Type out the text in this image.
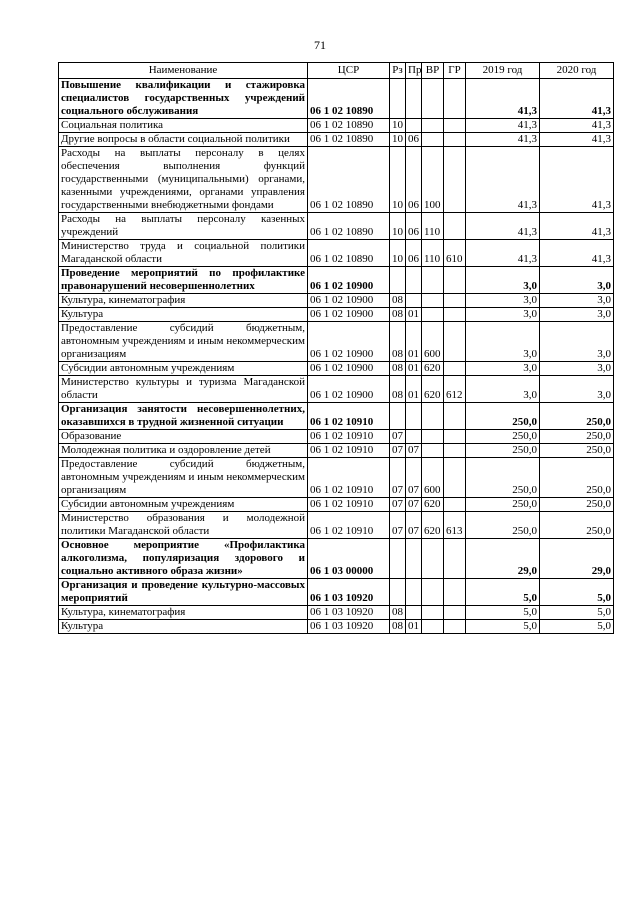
71
Наименование	ЦСР	Рз	Пр	ВР	ГР	2019 год	2020 год
Повышение квалификации и стажировка специалистов государственных учреждений социального обслуживания	06 1 02 10890					41,3	41,3
Социальная политика	06 1 02 10890	10				41,3	41,3
Другие вопросы в области социальной политики	06 1 02 10890	10	06			41,3	41,3
Расходы на выплаты персоналу в целях обеспечения выполнения функций государственными (муниципальными) органами, казенными учреждениями, органами управления государственными внебюджетными фондами	06 1 02 10890	10	06	100		41,3	41,3
Расходы на выплаты персоналу казенных учреждений	06 1 02 10890	10	06	110		41,3	41,3
Министерство труда и социальной политики Магаданской области	06 1 02 10890	10	06	110	610	41,3	41,3
Проведение мероприятий по профилактике правонарушений несовершеннолетних	06 1 02 10900					3,0	3,0
Культура, кинематография	06 1 02 10900	08				3,0	3,0
Культура	06 1 02 10900	08	01			3,0	3,0
Предоставление субсидий бюджетным, автономным учреждениям и иным некоммерческим организациям	06 1 02 10900	08	01	600		3,0	3,0
Субсидии автономным учреждениям	06 1 02 10900	08	01	620		3,0	3,0
Министерство культуры и туризма Магаданской области	06 1 02 10900	08	01	620	612	3,0	3,0
Организация занятости несовершеннолетних, оказавшихся в трудной жизненной ситуации	06 1 02 10910					250,0	250,0
Образование	06 1 02 10910	07				250,0	250,0
Молодежная политика и оздоровление детей	06 1 02 10910	07	07			250,0	250,0
Предоставление субсидий бюджетным, автономным учреждениям и иным некоммерческим организациям	06 1 02 10910	07	07	600		250,0	250,0
Субсидии автономным учреждениям	06 1 02 10910	07	07	620		250,0	250,0
Министерство образования и молодежной политики Магаданской области	06 1 02 10910	07	07	620	613	250,0	250,0
Основное мероприятие «Профилактика алкоголизма, популяризация здорового и социально активного образа жизни»	06 1 03 00000					29,0	29,0
Организация и проведение культурно-массовых мероприятий	06 1 03 10920					5,0	5,0
Культура, кинематография	06 1 03 10920	08				5,0	5,0
Культура	06 1 03 10920	08	01			5,0	5,0
